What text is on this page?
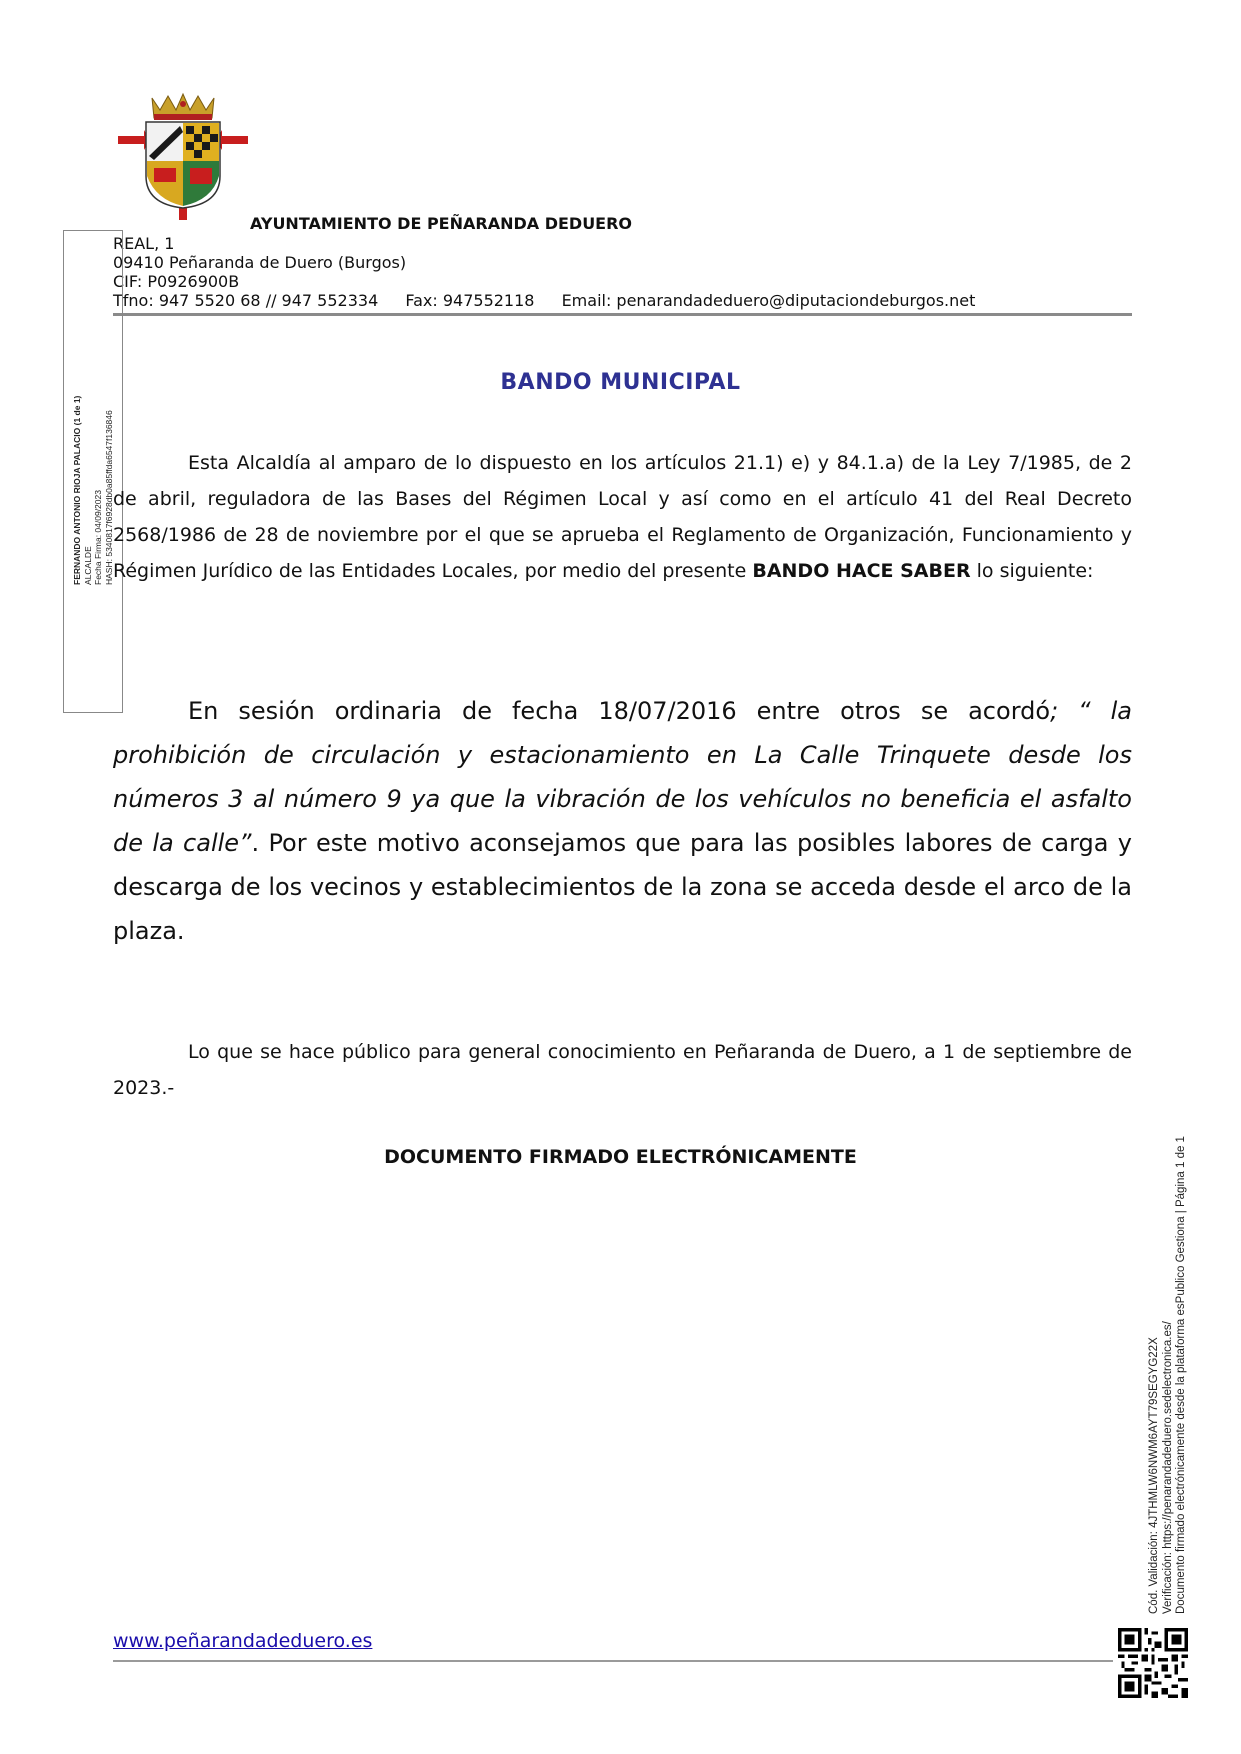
AYUNTAMIENTO DE PEÑARANDA DEDUERO
REAL, 1
09410 Peñaranda de Duero (Burgos)
CIF: P0926900B
Tfno: 947 5520 68 // 947 552334 Fax: 947552118 Email: penarandadeduero@diputaciondeburgos.net
FERNANDO ANTONIO RIOJA PALACIO (1 de 1) ALCALDE Fecha Firma: 04/09/2023 HASH: 5340817f6928db0a85ffda6547f136846
BANDO MUNICIPAL
Esta Alcaldía al amparo de lo dispuesto en los artículos 21.1) e) y 84.1.a) de la Ley 7/1985, de 2 de abril, reguladora de las Bases del Régimen Local y así como en el artículo 41 del Real Decreto 2568/1986 de 28 de noviembre por el que se aprueba el Reglamento de Organización, Funcionamiento y Régimen Jurídico de las Entidades Locales, por medio del presente BANDO HACE SABER lo siguiente:
En sesión ordinaria de fecha 18/07/2016 entre otros se acordó; “ la prohibición de circulación y estacionamiento en La Calle Trinquete desde los números 3 al número 9 ya que la vibración de los vehículos no beneficia el asfalto de la calle”. Por este motivo aconsejamos que para las posibles labores de carga y descarga de los vecinos y establecimientos de la zona se acceda desde el arco de la plaza.
Lo que se hace público para general conocimiento en Peñaranda de Duero, a 1 de septiembre de 2023.-
DOCUMENTO FIRMADO ELECTRÓNICAMENTE
Cód. Validación: 4JTHMLW6NWM6AYT79SEGYG22X Verificación: https://penarandadeduero.sedelectronica.es/ Documento firmado electrónicamente desde la plataforma esPublico Gestiona | Página 1 de 1
www.peñarandadeduero.es
